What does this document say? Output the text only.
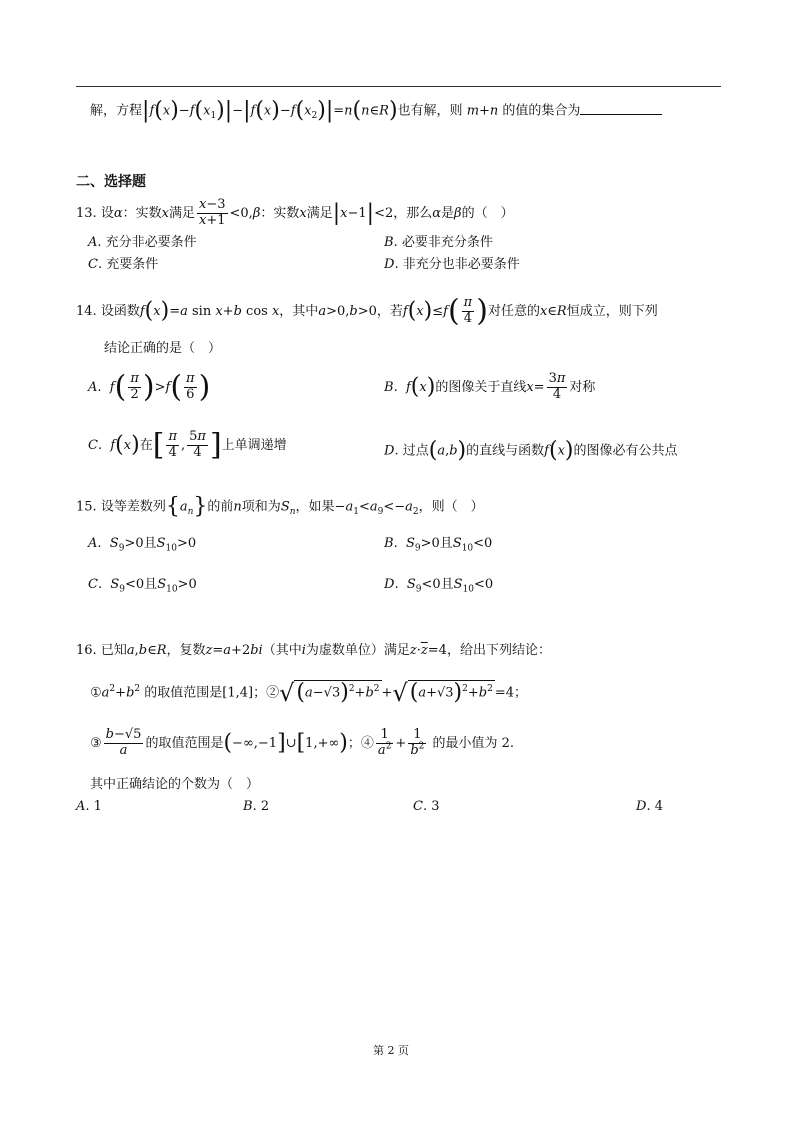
解，方程$|f(x)-f(x_1)|-|f(x)-f(x_2)|=n(n\in R)$也有解，则 m+n 的值的集合为
二、选择题
13. 设α：实数x满足 $\frac{x-3}{x+1} <0,\beta$：实数x满足|x−1|<2，那么α是β的（　）
A. 充分非必要条件	B. 必要非充分条件
C. 充要条件	D. 非充分也非必要条件
14. 设函数f(x)=a sin x+b cos x，其中a>0,b>0，若$f(x)\le f( \frac{\pi}{4}$ )对任意的x∈R恒成立，则下列
结论正确的是（　）
A.  $f( \frac{\pi}{2} )>f( \frac{\pi}{6}$ )	B.  f(x)的图像关于直线$x= \frac{3\pi}{4}$ 对称
C.  f(x)在[ $\frac{\pi}{4}$ , $\frac{5\pi}{4}$ ]上单调递增	D. 过点(a,b)的直线与函数f(x)的图像必有公共点
15. 设等差数列$\{a_n\}$的前n项和为$S_n$，如果$-a_1<a_9<-a_2$，则（　）
A.  $S_9>0$且$S_{10}>0$	B.  $S_9>0$且$S_{10}<0$
C.  $S_9<0$且$S_{10}>0$	D.  $S_9<0$且$S_{10}<0$
16. 已知a,b∈R，复数z=a+2bi（其中i为虚数单位）满足$z\cdot\overline{z}=4$，给出下列结论：
$①a^2+b^2$ 的取值范围是[1,4]；$②√(a-√3)^2+b^2 +√(a+√3)^2+b^2 =4$；
③ $\frac{b-√5}{a}$ 的取值范围是(−∞,−1]∪[1,+∞)；④ $\frac{1}{a^2} + \frac{1}{b^2}$ 的最小值为 2.
其中正确结论的个数为（　）
A. 1	B. 2	C. 3	D. 4
第 2 页
